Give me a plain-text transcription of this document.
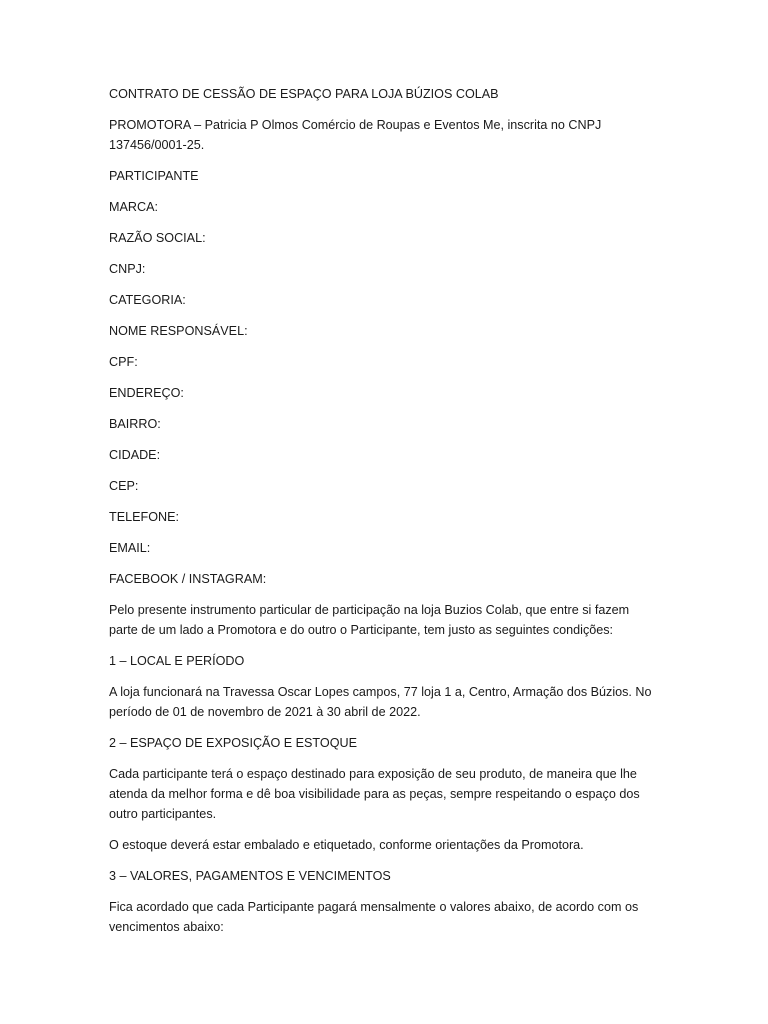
CONTRATO DE CESSÃO DE ESPAÇO PARA LOJA BÚZIOS COLAB

PROMOTORA – Patricia P Olmos Comércio de Roupas e Eventos Me, inscrita no CNPJ
137456/0001-25.

PARTICIPANTE

MARCA:

RAZÃO SOCIAL:

CNPJ:

CATEGORIA:

NOME RESPONSÁVEL:

CPF:

ENDEREÇO:

BAIRRO:

CIDADE:

CEP:

TELEFONE:

EMAIL:

FACEBOOK / INSTAGRAM:

Pelo presente instrumento particular de participação na loja Buzios Colab, que entre si fazem
parte de um lado a Promotora e do outro o Participante, tem justo as seguintes condições:

1 – LOCAL E PERÍODO

A loja funcionará na Travessa Oscar Lopes campos, 77 loja 1 a, Centro, Armação dos Búzios. No
período de 01 de novembro de 2021 à 30 abril de 2022.

2 – ESPAÇO DE EXPOSIÇÃO E ESTOQUE

Cada participante terá o espaço destinado para exposição de seu produto, de maneira que lhe
atenda da melhor forma e dê boa visibilidade para as peças, sempre respeitando o espaço dos
outro participantes.

O estoque deverá estar embalado e etiquetado, conforme orientações da Promotora.

3 – VALORES, PAGAMENTOS E VENCIMENTOS

Fica acordado que cada Participante pagará mensalmente o valores abaixo, de acordo com os
vencimentos abaixo:
